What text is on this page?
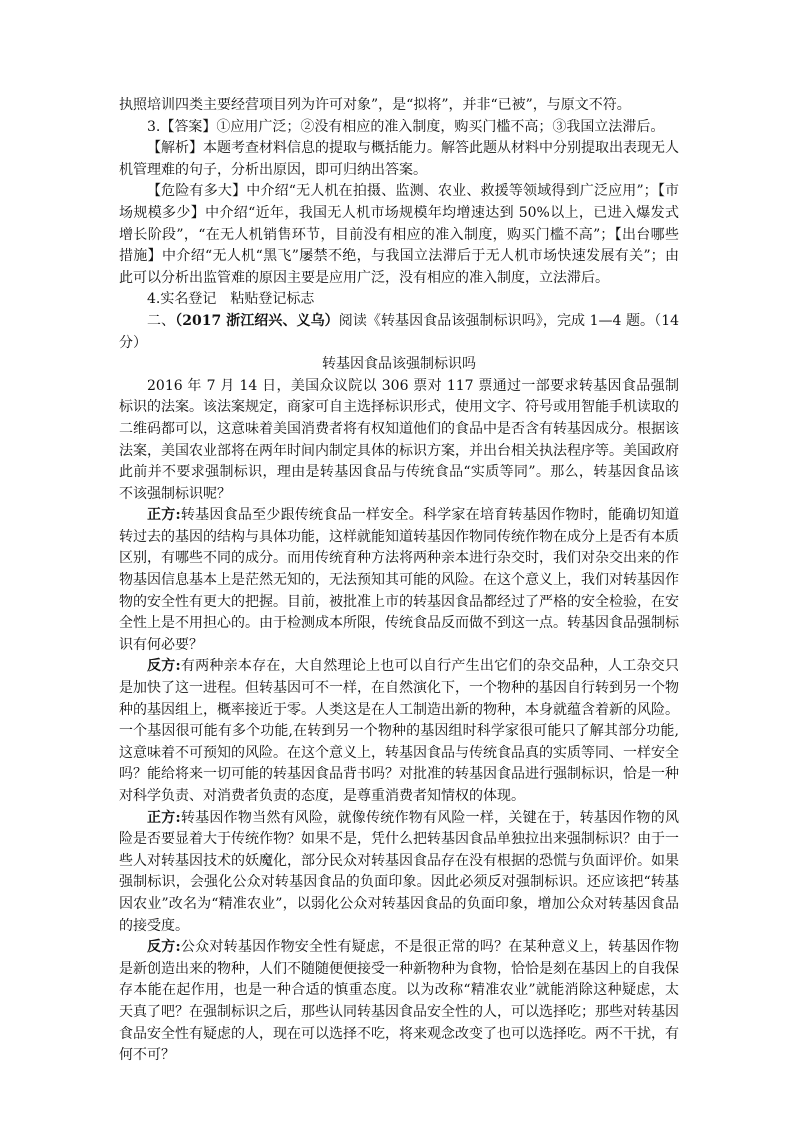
执照培训四类主要经营项目列为许可对象”，是“拟将”，并非“已被”，与原文不符。

3.【答案】①应用广泛；②没有相应的准入制度，购买门槛不高；③我国立法滞后。

【解析】本题考查材料信息的提取与概括能力。解答此题从材料中分别提取出表现无人机管理难的句子，分析出原因，即可归纳出答案。

【危险有多大】中介绍“无人机在拍摄、监测、农业、救援等领域得到广泛应用”；【市场规模多少】中介绍“近年，我国无人机市场规模年均增速达到 50%以上，已进入爆发式增长阶段”，“在无人机销售环节，目前没有相应的准入制度，购买门槛不高”；【出台哪些措施】中介绍“无人机“黑飞”屡禁不绝，与我国立法滞后于无人机市场快速发展有关”；由此可以分析出监管难的原因主要是应用广泛，没有相应的准入制度，立法滞后。

4.实名登记　粘贴登记标志

二、（2017 浙江绍兴、义乌）阅读《转基因食品该强制标识吗》，完成 1—4 题。（14 分）

转基因食品该强制标识吗

2016 年 7 月 14 日，美国众议院以 306 票对 117 票通过一部要求转基因食品强制标识的法案。该法案规定，商家可自主选择标识形式，使用文字、符号或用智能手机读取的二维码都可以，这意味着美国消费者将有权知道他们的食品中是否含有转基因成分。根据该法案，美国农业部将在两年时间内制定具体的标识方案，并出台相关执法程序等。美国政府此前并不要求强制标识，理由是转基因食品与传统食品“实质等同”。那么，转基因食品该不该强制标识呢？

正方:转基因食品至少跟传统食品一样安全。科学家在培育转基因作物时，能确切知道转过去的基因的结构与具体功能，这样就能知道转基因作物同传统作物在成分上是否有本质区别，有哪些不同的成分。而用传统育种方法将两种亲本进行杂交时，我们对杂交出来的作物基因信息基本上是茫然无知的，无法预知其可能的风险。在这个意义上，我们对转基因作物的安全性有更大的把握。目前，被批准上市的转基因食品都经过了严格的安全检验，在安全性上是不用担心的。由于检测成本所限，传统食品反而做不到这一点。转基因食品强制标识有何必要？

反方:有两种亲本存在，大自然理论上也可以自行产生出它们的杂交品种，人工杂交只是加快了这一进程。但转基因可不一样，在自然演化下，一个物种的基因自行转到另一个物种的基因组上，概率接近于零。人类这是在人工制造出新的物种，本身就蕴含着新的风险。一个基因很可能有多个功能,在转到另一个物种的基因组时科学家很可能只了解其部分功能,这意味着不可预知的风险。在这个意义上，转基因食品与传统食品真的实质等同、一样安全吗？能给将来一切可能的转基因食品背书吗？对批准的转基因食品进行强制标识，恰是一种对科学负责、对消费者负责的态度，是尊重消费者知情权的体现。

正方:转基因作物当然有风险，就像传统作物有风险一样，关键在于，转基因作物的风险是否要显着大于传统作物？如果不是，凭什么把转基因食品单独拉出来强制标识？由于一些人对转基因技术的妖魔化，部分民众对转基因食品存在没有根据的恐慌与负面评价。如果强制标识，会强化公众对转基因食品的负面印象。因此必须反对强制标识。还应该把“转基因农业”改名为“精准农业”，以弱化公众对转基因食品的负面印象，增加公众对转基因食品的接受度。

反方:公众对转基因作物安全性有疑虑，不是很正常的吗？在某种意义上，转基因作物是新创造出来的物种，人们不随随便便接受一种新物种为食物，恰恰是刻在基因上的自我保存本能在起作用，也是一种合适的慎重态度。以为改称“精准农业”就能消除这种疑虑，太天真了吧？在强制标识之后，那些认同转基因食品安全性的人，可以选择吃；那些对转基因食品安全性有疑虑的人，现在可以选择不吃，将来观念改变了也可以选择吃。两不干扰，有何不可？
